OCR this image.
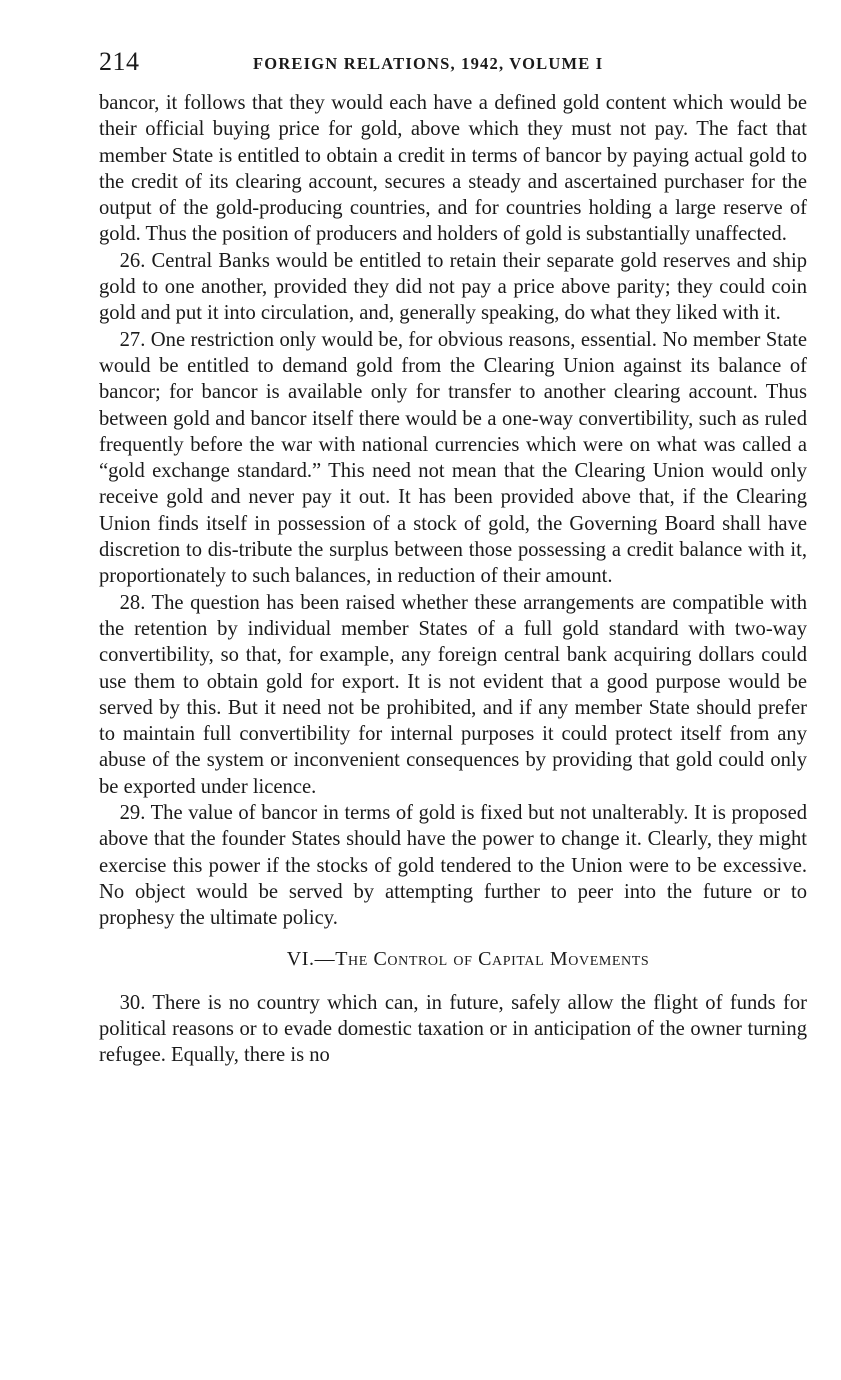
214	FOREIGN RELATIONS, 1942, VOLUME I

bancor, it follows that they would each have a defined gold content which would be their official buying price for gold, above which they must not pay. The fact that member State is entitled to obtain a credit in terms of bancor by paying actual gold to the credit of its clearing account, secures a steady and ascertained purchaser for the output of the gold-producing countries, and for countries holding a large reserve of gold. Thus the position of producers and holders of gold is substantially unaffected.

 26. Central Banks would be entitled to retain their separate gold reserves and ship gold to one another, provided they did not pay a price above parity; they could coin gold and put it into circulation, and, generally speaking, do what they liked with it.

 27. One restriction only would be, for obvious reasons, essential. No member State would be entitled to demand gold from the Clearing Union against its balance of bancor; for bancor is available only for transfer to another clearing account. Thus between gold and bancor itself there would be a one-way convertibility, such as ruled frequently before the war with national currencies which were on what was called a “gold exchange standard.” This need not mean that the Clearing Union would only receive gold and never pay it out. It has been provided above that, if the Clearing Union finds itself in possession of a stock of gold, the Governing Board shall have discretion to dis-tribute the surplus between those possessing a credit balance with it, proportionately to such balances, in reduction of their amount.

 28. The question has been raised whether these arrangements are compatible with the retention by individual member States of a full gold standard with two-way convertibility, so that, for example, any foreign central bank acquiring dollars could use them to obtain gold for export. It is not evident that a good purpose would be served by this. But it need not be prohibited, and if any member State should prefer to maintain full convertibility for internal purposes it could protect itself from any abuse of the system or inconvenient consequences by providing that gold could only be exported under licence.

 29. The value of bancor in terms of gold is fixed but not unalterably. It is proposed above that the founder States should have the power to change it. Clearly, they might exercise this power if the stocks of gold tendered to the Union were to be excessive. No object would be served by attempting further to peer into the future or to prophesy the ultimate policy.

VI.—The Control of Capital Movements

 30. There is no country which can, in future, safely allow the flight of funds for political reasons or to evade domestic taxation or in anticipation of the owner turning refugee. Equally, there is no
